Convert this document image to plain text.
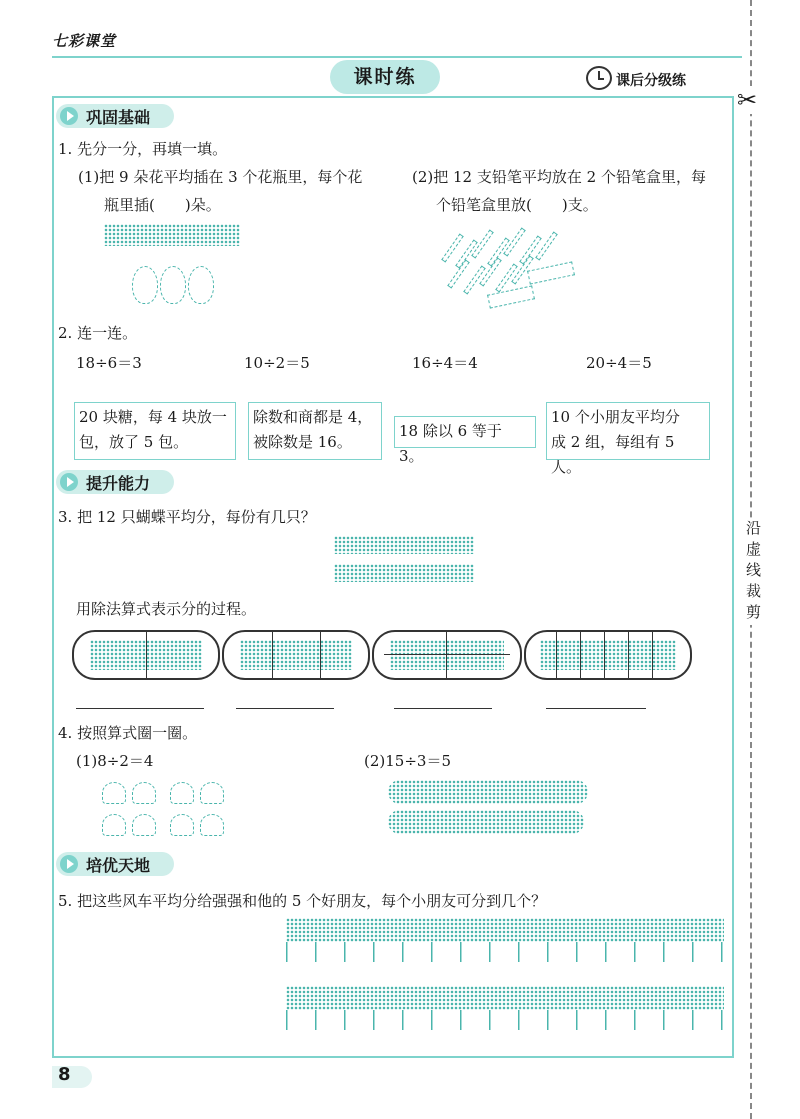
七彩课堂
课时练	课后分级练
✂
沿虚线裁剪
巩固基础
1. 先分一分，再填一填。
(1)把 9 朵花平均插在 3 个花瓶里，每个花
瓶里插(　　)朵。
(2)把 12 支铅笔平均放在 2 个铅笔盒里，每
个铅笔盒里放(　　)支。
2. 连一连。
18÷6＝3	10÷2＝5	16÷4＝4	20÷4＝5
20 块糖，每 4 块放一
包，放了 5 包。
除数和商都是 4，
被除数是 16。
18 除以 6 等于 3。
10 个小朋友平均分
成 2 组，每组有 5 人。
提升能力
3. 把 12 只蝴蝶平均分，每份有几只？
用除法算式表示分的过程。
4. 按照算式圈一圈。
(1)8÷2＝4	(2)15÷3＝5
培优天地
5. 把这些风车平均分给强强和他的 5 个好朋友，每个小朋友可分到几个？
8
